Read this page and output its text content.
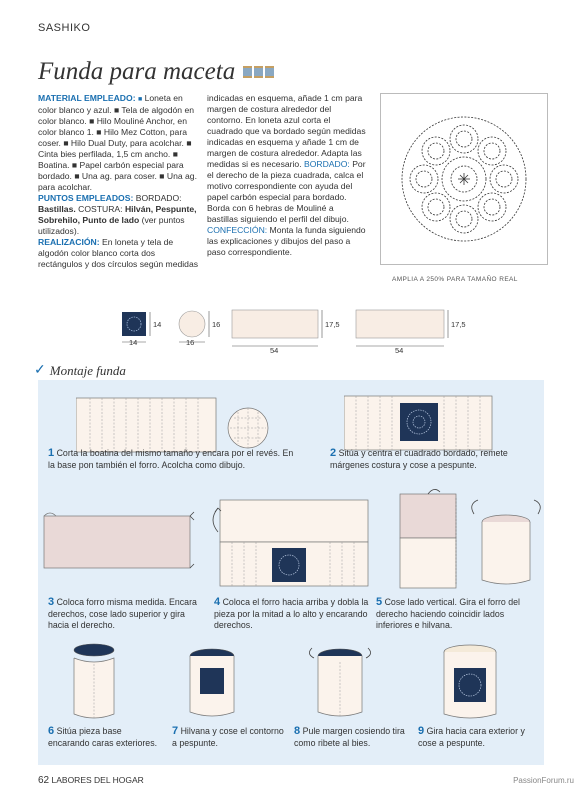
SASHIKO
Funda para maceta
MATERIAL EMPLEADO: ■ Loneta en color blanco y azul. ■ Tela de algodón en color blanco. ■ Hilo Mouliné Anchor, en color blanco 1. ■ Hilo Mez Cotton, para coser. ■ Hilo Dual Duty, para acolchar. ■ Cinta bies perfilada, 1,5 cm ancho. ■ Boatina. ■ Papel carbón especial para bordado. ■ Una ag. para coser. ■ Una ag. para acolchar.
PUNTOS EMPLEADOS: BORDADO: Bastillas. COSTURA: Hilván, Pespunte, Sobrehilo, Punto de lado (ver puntos utilizados).
REALIZACIÓN: En loneta y tela de algodón color blanco corta dos rectángulos y dos círculos según medidas
indicadas en esquema, añade 1 cm para margen de costura alrededor del contorno. En loneta azul corta el cuadrado que va bordado según medidas indicadas en esquema y añade 1 cm de margen de costura alrededor. Adapta las medidas si es necesario. BORDADO: Por el derecho de la pieza cuadrada, calca el motivo correspondiente con ayuda del papel carbón especial para bordado. Borda con 6 hebras de Mouliné a bastillas siguiendo el perfil del dibujo. CONFECCIÓN: Monta la funda siguiendo las explicaciones y dibujos del paso a paso correspondiente.
AMPLIA A 250% PARA TAMAÑO REAL
14
14
16
16
54
17,5
54
17,5
✓ Montaje funda
1 Corta la boatina del mismo tamaño y encara por el revés. En la base pon también el forro. Acolcha como dibujo.
2 Sitúa y centra el cuadrado bordado, remete márgenes costura y cose a pespunte.
3 Coloca forro misma medida. Encara derechos, cose lado superior y gira hacia el derecho.
4 Coloca el forro hacia arriba y dobla la pieza por la mitad a lo alto y encarando derechos.
5 Cose lado vertical. Gira el forro del derecho haciendo coincidir lados inferiores e hilvana.
6 Sitúa pieza base encarando caras exteriores.
7 Hilvana y cose el contorno a pespunte.
8 Pule margen cosiendo tira como ribete al bies.
9 Gira hacia cara exterior y cose a pespunte.
62 LABORES DEL HOGAR	PassionForum.ru
